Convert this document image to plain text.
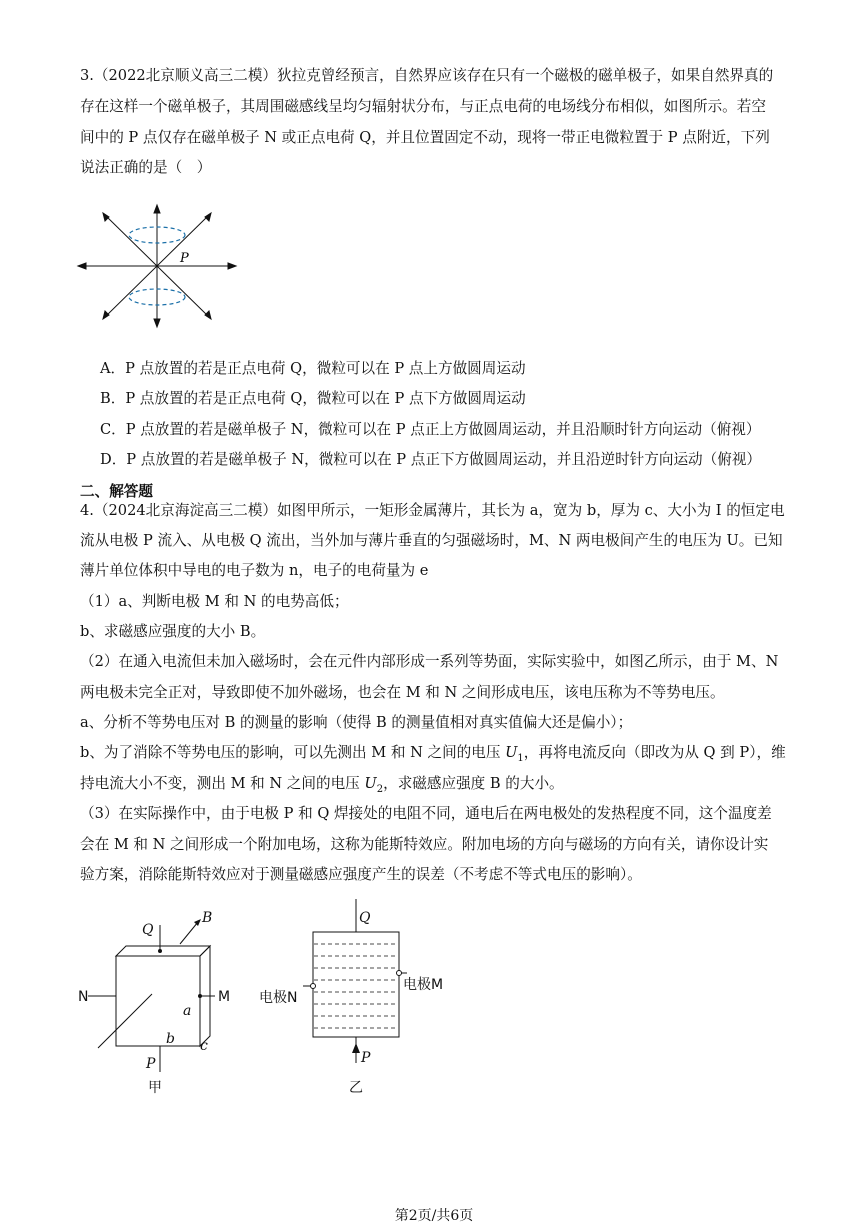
3.（2022北京顺义高三二模）狄拉克曾经预言，自然界应该存在只有一个磁极的磁单极子，如果自然界真的
存在这样一个磁单极子，其周围磁感线呈均匀辐射状分布，与正点电荷的电场线分布相似，如图所示。若空
间中的 P 点仅存在磁单极子 N 或正点电荷 Q，并且位置固定不动，现将一带正电微粒置于 P 点附近，下列
说法正确的是（　）
P
A．P 点放置的若是正点电荷 Q，微粒可以在 P 点上方做圆周运动
B．P 点放置的若是正点电荷 Q，微粒可以在 P 点下方做圆周运动
C．P 点放置的若是磁单极子 N，微粒可以在 P 点正上方做圆周运动，并且沿顺时针方向运动（俯视）
D．P 点放置的若是磁单极子 N，微粒可以在 P 点正下方做圆周运动，并且沿逆时针方向运动（俯视）
二、解答题
4.（2024北京海淀高三二模）如图甲所示，一矩形金属薄片，其长为 a，宽为 b，厚为 c、大小为 I 的恒定电
流从电极 P 流入、从电极 Q 流出，当外加与薄片垂直的匀强磁场时，M、N 两电极间产生的电压为 U。已知
薄片单位体积中导电的电子数为 n，电子的电荷量为 e
（1）a、判断电极 M 和 N 的电势高低；
b、求磁感应强度的大小 B。
（2）在通入电流但未加入磁场时，会在元件内部形成一系列等势面，实际实验中，如图乙所示，由于 M、N
两电极未完全正对，导致即使不加外磁场，也会在 M 和 N 之间形成电压，该电压称为不等势电压。
a、分析不等势电压对 B 的测量的影响（使得 B 的测量值相对真实值偏大还是偏小）；
b、为了消除不等势电压的影响，可以先测出 M 和 N 之间的电压 $U_1$，再将电流反向（即改为从 Q 到 P），维
持电流大小不变，测出 M 和 N 之间的电压 $U_2$，求磁感应强度 B 的大小。
（3）在实际操作中，由于电极 P 和 Q 焊接处的电阻不同，通电后在两电极处的发热程度不同，这个温度差
会在 M 和 N 之间形成一个附加电场，这称为能斯特效应。附加电场的方向与磁场的方向有关，请你设计实
验方案，消除能斯特效应对于测量磁感应强度产生的误差（不考虑不等式电压的影响）。
Q
B
N	M
a
b c
P
甲
Q
电极N
电极M
P
乙
第2页/共6页
